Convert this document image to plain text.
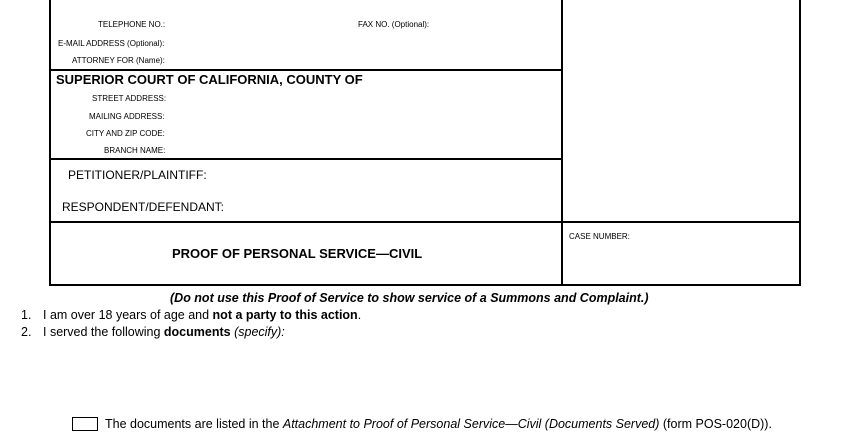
TELEPHONE NO.:	FAX NO. (Optional):
E-MAIL ADDRESS (Optional):
ATTORNEY FOR (Name):
SUPERIOR COURT OF CALIFORNIA, COUNTY OF
STREET ADDRESS:
MAILING ADDRESS:
CITY AND ZIP CODE:
BRANCH NAME:
PETITIONER/PLAINTIFF:
RESPONDENT/DEFENDANT:
PROOF OF PERSONAL SERVICE—CIVIL
CASE NUMBER:
(Do not use this Proof of Service to show service of a Summons and Complaint.)
1. I am over 18 years of age and not a party to this action.
2. I served the following documents (specify):
The documents are listed in the Attachment to Proof of Personal Service—Civil (Documents Served) (form POS-020(D)).
